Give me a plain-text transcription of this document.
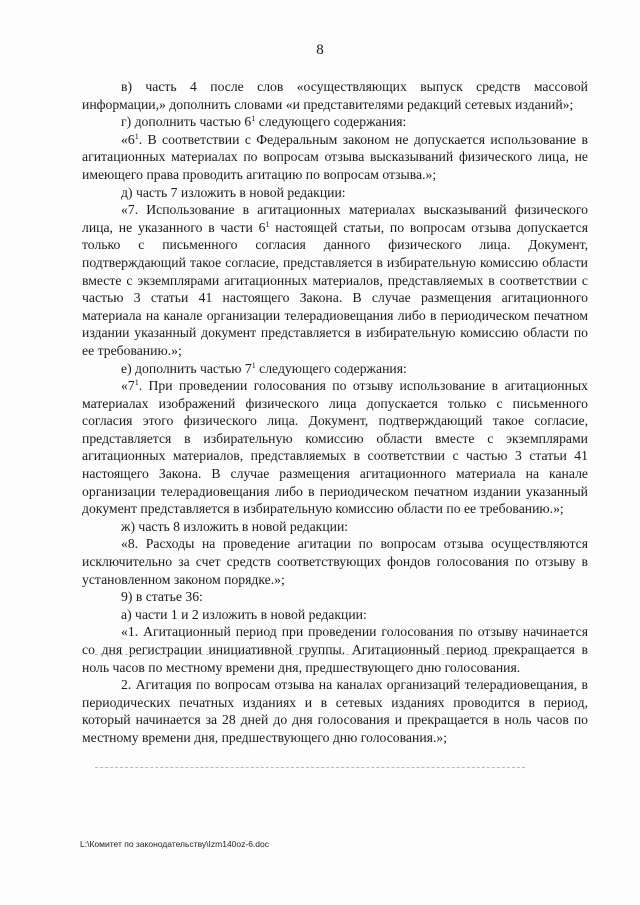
8

в) часть 4 после слов «осуществляющих выпуск средств массовой информации,» дополнить словами «и представителями редакций сетевых изданий»;

г) дополнить частью $6^1$ следующего содержания:

«$6^1$. В соответствии с Федеральным законом не допускается использование в агитационных материалах по вопросам отзыва высказываний физического лица, не имеющего права проводить агитацию по вопросам отзыва.»;

д) часть 7 изложить в новой редакции:

«7. Использование в агитационных материалах высказываний физического лица, не указанного в части $6^1$ настоящей статьи, по вопросам отзыва допускается только с письменного согласия данного физического лица. Документ, подтверждающий такое согласие, представляется в избирательную комиссию области вместе с экземплярами агитационных материалов, представляемых в соответствии с частью 3 статьи 41 настоящего Закона. В случае размещения агитационного материала на канале организации телерадиовещания либо в периодическом печатном издании указанный документ представляется в избирательную комиссию области по ее требованию.»;

е) дополнить частью $7^1$ следующего содержания:

«$7^1$. При проведении голосования по отзыву использование в агитационных материалах изображений физического лица допускается только с письменного согласия этого физического лица. Документ, подтверждающий такое согласие, представляется в избирательную комиссию области вместе с экземплярами агитационных материалов, представляемых в соответствии с частью 3 статьи 41 настоящего Закона. В случае размещения агитационного материала на канале организации телерадиовещания либо в периодическом печатном издании указанный документ представляется в избирательную комиссию области по ее требованию.»;

ж) часть 8 изложить в новой редакции:

«8. Расходы на проведение агитации по вопросам отзыва осуществляются исключительно за счет средств соответствующих фондов голосования по отзыву в установленном законом порядке.»;

9) в статье 36:

а) части 1 и 2 изложить в новой редакции:

«1. Агитационный период при проведении голосования по отзыву начинается со дня регистрации инициативной группы. Агитационный период прекращается в ноль часов по местному времени дня, предшествующего дню голосования.

2. Агитация по вопросам отзыва на каналах организаций телерадиовещания, в периодических печатных изданиях и в сетевых изданиях проводится в период, который начинается за 28 дней до дня голосования и прекращается в ноль часов по местному времени дня, предшествующего дню голосования.»;

L:\Комитет по законодательству\Izm140oz-6.doc
